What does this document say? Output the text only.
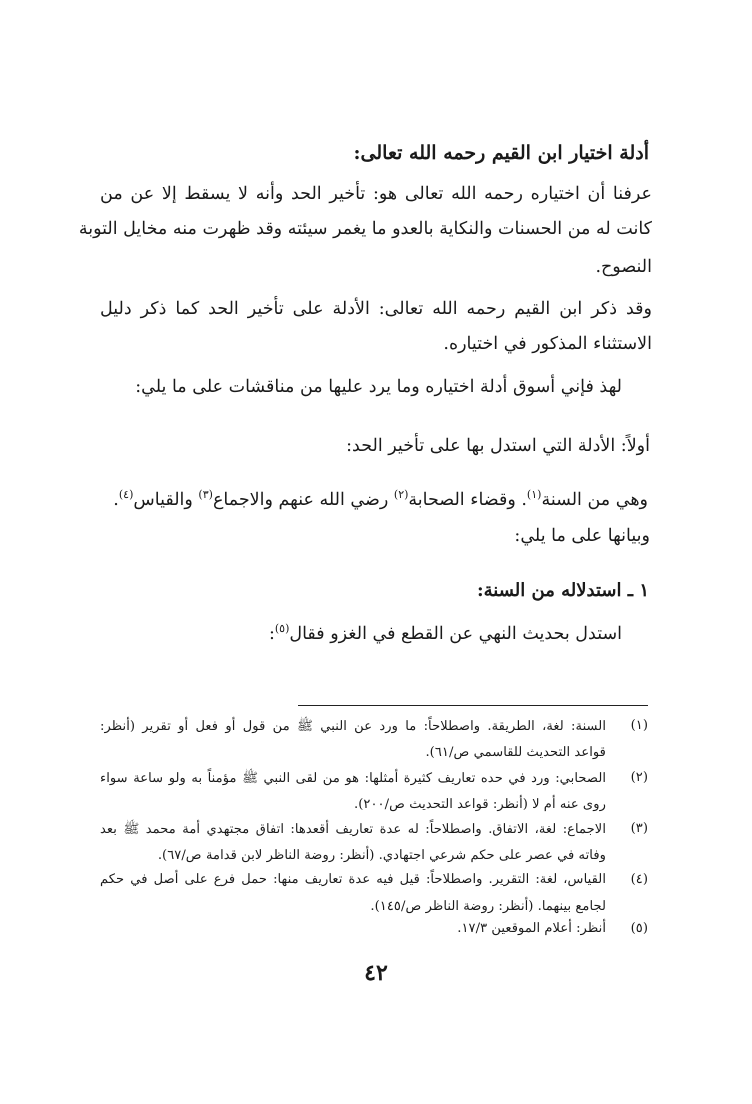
أدلة اختيار ابن القيم رحمه الله تعالى:
عرفنا أن اختياره رحمه الله تعالى هو: تأخير الحد وأنه لا يسقط إلا عن من
كانت له من الحسنات والنكاية بالعدو ما يغمر سيئته وقد ظهرت منه مخايل التوبة
النصوح.
وقد ذكر ابن القيم رحمه الله تعالى: الأدلة على تأخير الحد كما ذكر دليل
الاستثناء المذكور في اختياره.
لهذ فإني أسوق أدلة اختياره وما يرد عليها من مناقشات على ما يلي:
أولاً: الأدلة التي استدل بها على تأخير الحد:
وهي من السنة$^{(١)}$. وقضاء الصحابة$^{(٢)}$ رضي الله عنهم والاجماع$^{(٣)}$ والقياس$^{(٤)}$.
وبيانها على ما يلي:
١ ـ استدلاله من السنة:
استدل بحديث النهي عن القطع في الغزو فقال$^{(٥)}$:
(١)
السنة: لغة، الطريقة. واصطلاحاً: ما ورد عن النبي ﷺ من قول أو فعل أو تقرير (أنظر:
قواعد التحديث للقاسمي ص/٦١).
(٢)
الصحابي: ورد في حده تعاريف كثيرة أمثلها: هو من لقى النبي ﷺ مؤمناً به ولو ساعة سواء
روى عنه أم لا (أنظر: قواعد التحديث ص/٢٠٠).
(٣)
الاجماع: لغة، الاتفاق. واصطلاحاً: له عدة تعاريف أقعدها: اتفاق مجتهدي أمة محمد ﷺ بعد
وفاته في عصر على حكم شرعي اجتهادي. (أنظر: روضة الناظر لابن قدامة ص/٦٧).
(٤)
القياس، لغة: التقرير. واصطلاحاً: قيل فيه عدة تعاريف منها: حمل فرع على أصل في حكم
لجامع بينهما. (أنظر: روضة الناظر ص/١٤٥).
(٥)
أنظر: أعلام الموقعين ١٧/٣.
٤٢
